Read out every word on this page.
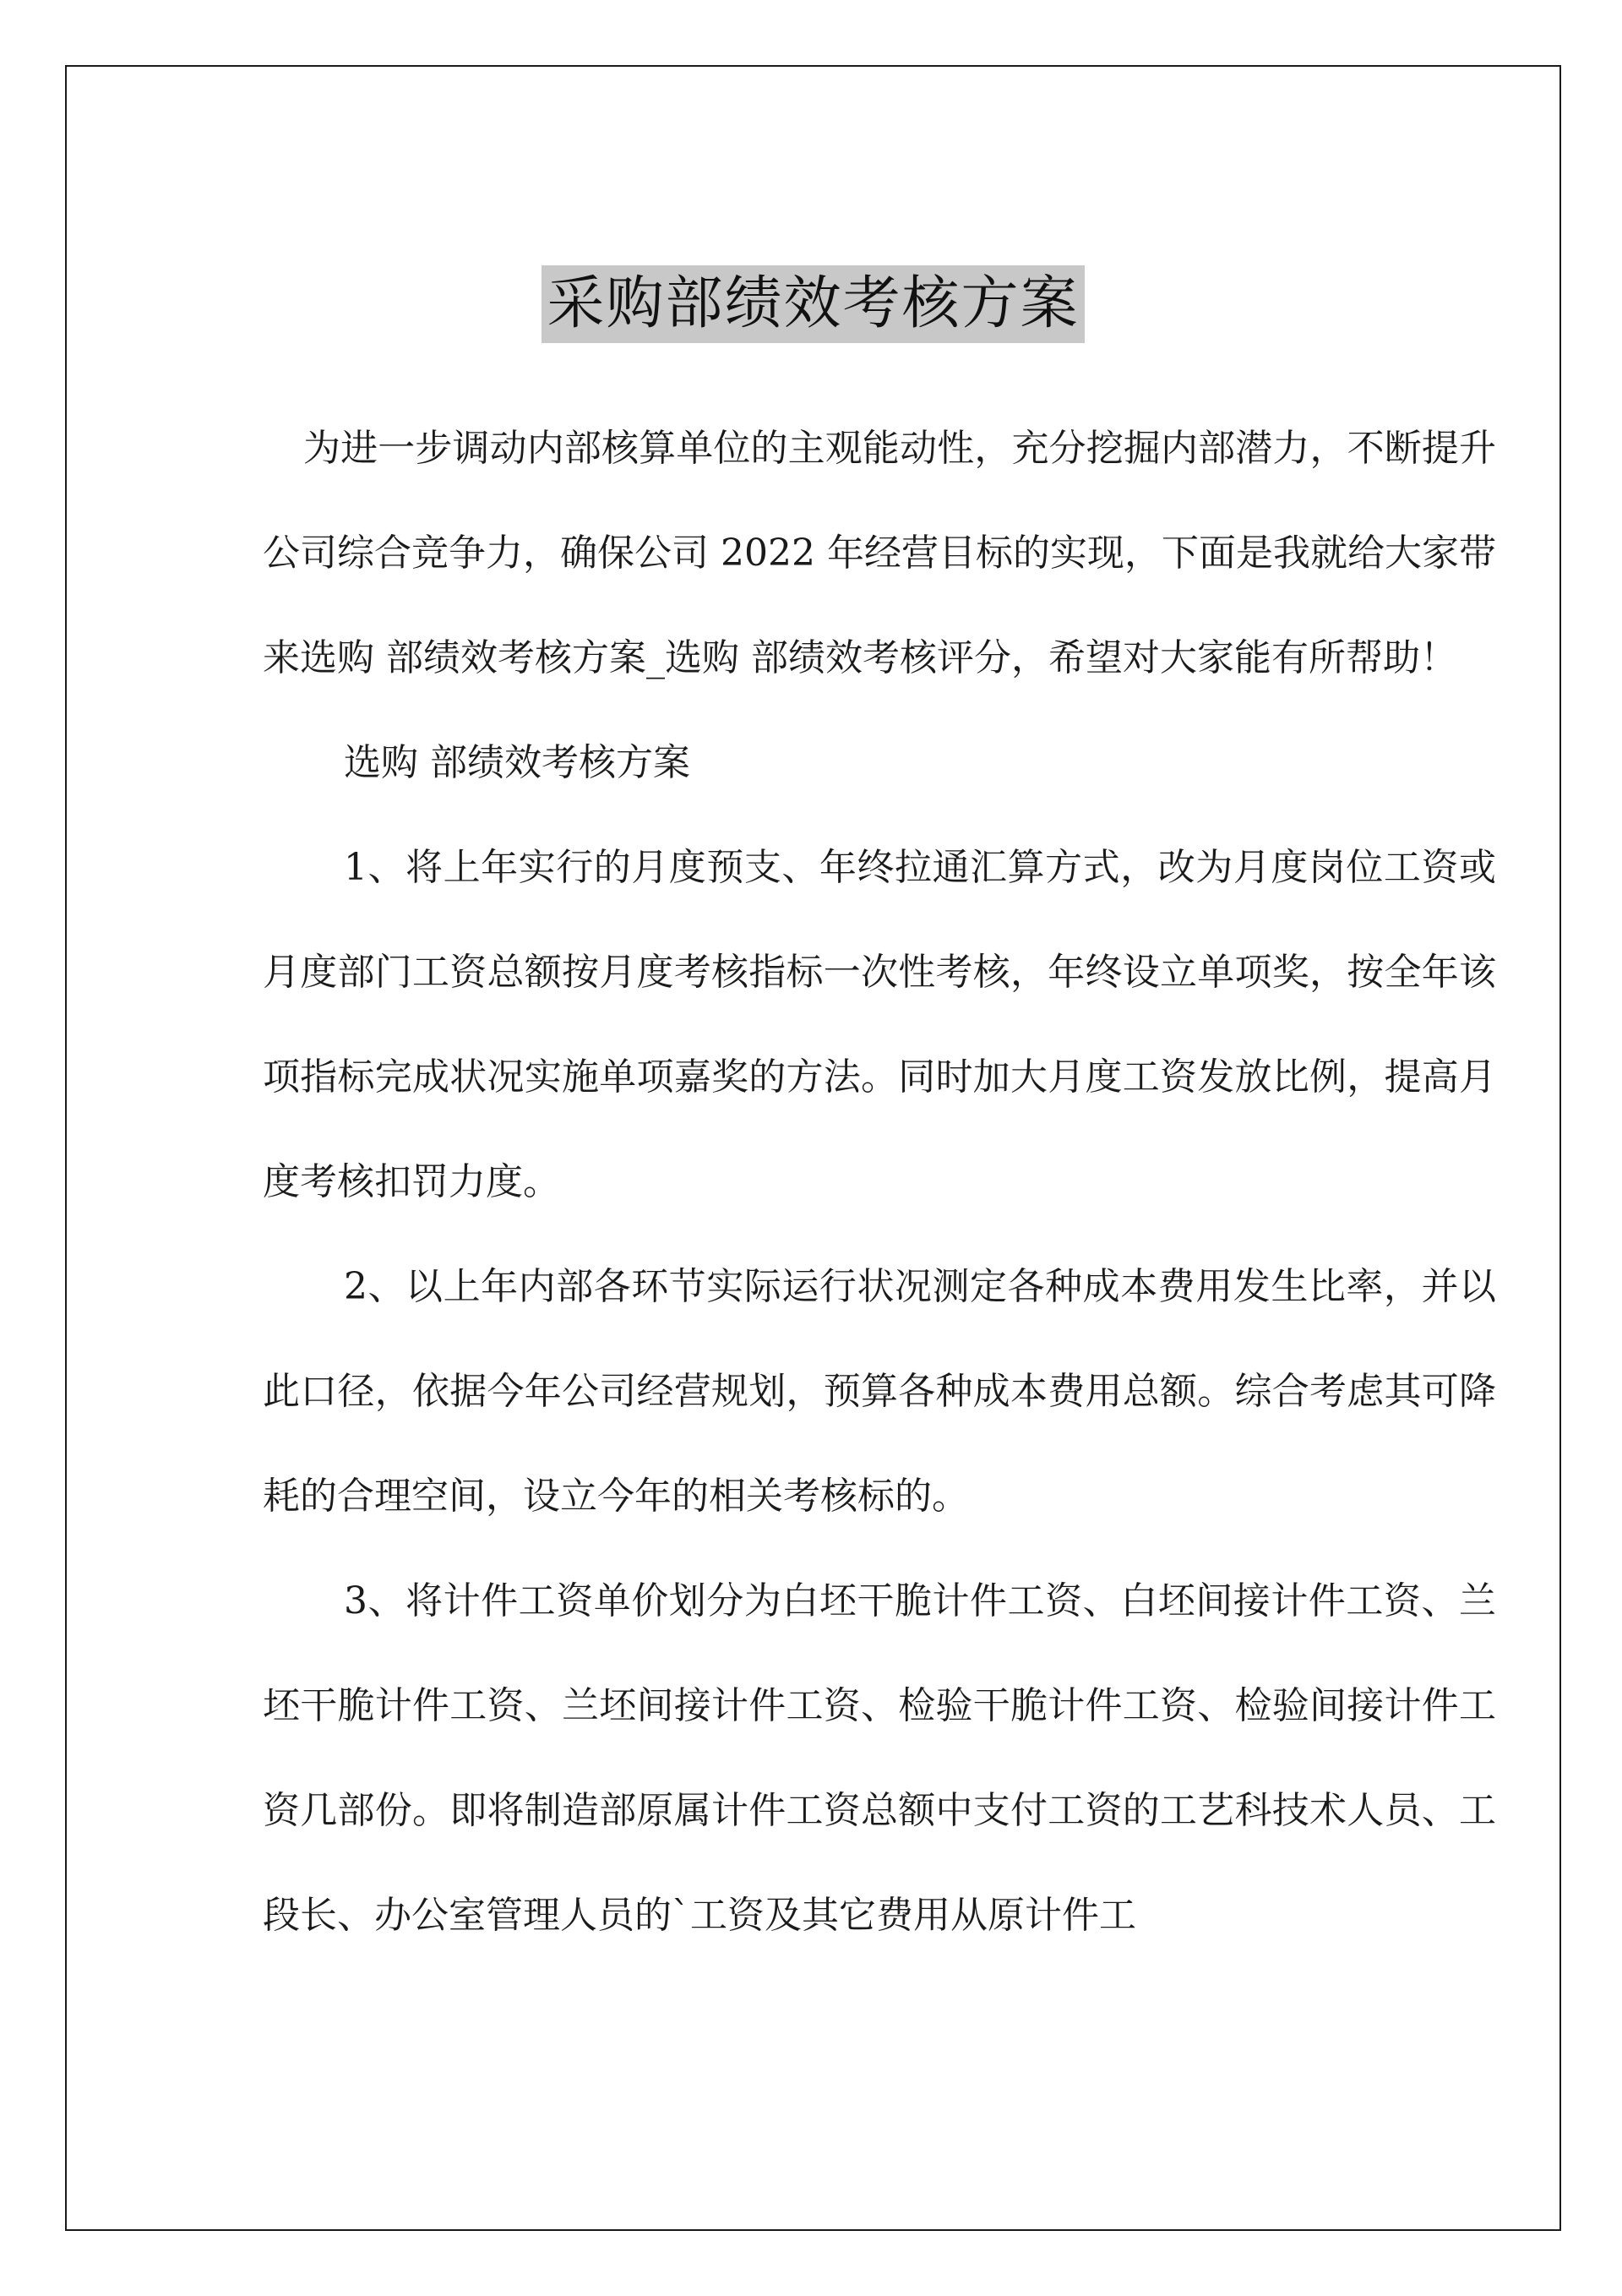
采购部绩效考核方案

为进一步调动内部核算单位的主观能动性，充分挖掘内部潜力，不断提升公司综合竞争力，确保公司 2022 年经营目标的实现，下面是我就给大家带来选购 部绩效考核方案_选购 部绩效考核评分，希望对大家能有所帮助！

选购 部绩效考核方案

1、将上年实行的月度预支、年终拉通汇算方式，改为月度岗位工资或月度部门工资总额按月度考核指标一次性考核，年终设立单项奖，按全年该项指标完成状况实施单项嘉奖的方法。同时加大月度工资发放比例，提高月度考核扣罚力度。

2、以上年内部各环节实际运行状况测定各种成本费用发生比率，并以此口径，依据今年公司经营规划，预算各种成本费用总额。综合考虑其可降耗的合理空间，设立今年的相关考核标的。

3、将计件工资单价划分为白坯干脆计件工资、白坯间接计件工资、兰坯干脆计件工资、兰坯间接计件工资、检验干脆计件工资、检验间接计件工资几部份。即将制造部原属计件工资总额中支付工资的工艺科技术人员、工段长、办公室管理人员的`工资及其它费用从原计件工
